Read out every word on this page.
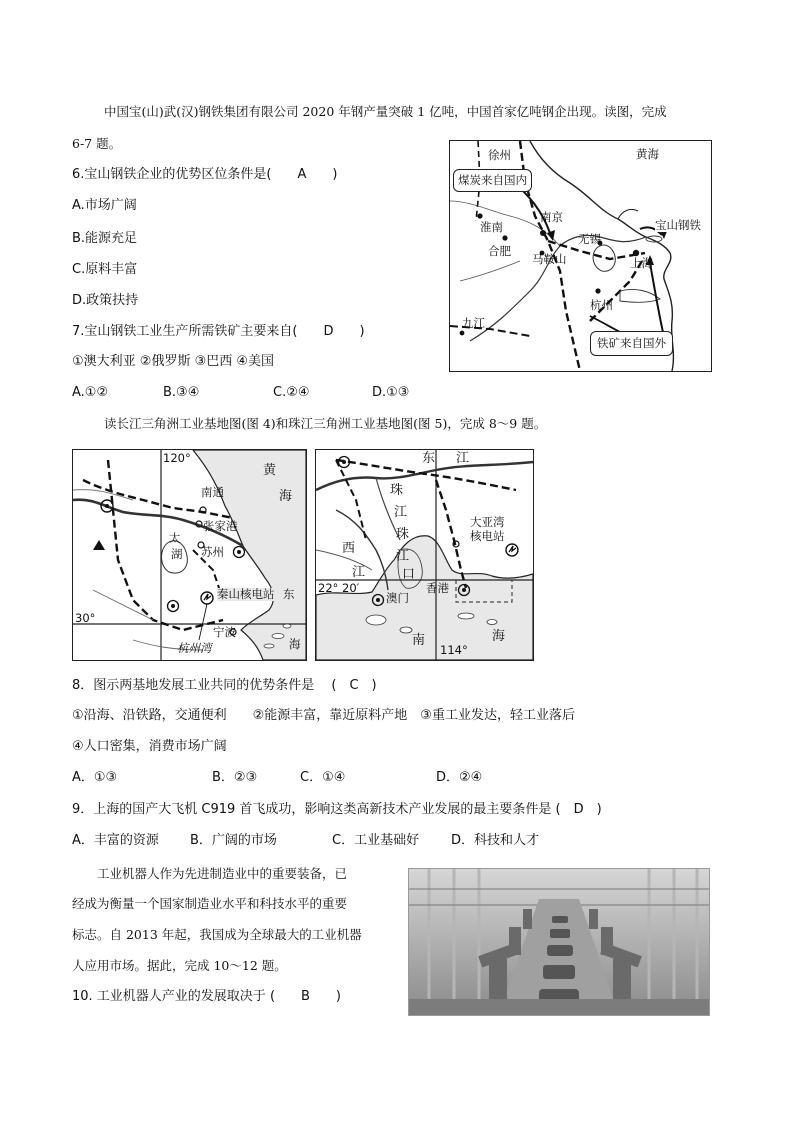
中国宝(山)武(汉)钢铁集团有限公司 2020 年钢产量突破 1 亿吨，中国首家亿吨钢企出现。读图，完成
6-7 题。
6.宝山钢铁企业的优势区位条件是(　　A　　)
A.市场广阔
B.能源充足
C.原料丰富
D.政策扶持
7.宝山钢铁工业生产所需铁矿主要来自(　　D　　)
①澳大利亚 ②俄罗斯 ③巴西 ④美国
A.①②	B.③④	C.②④	D.①③
徐州	黄海
煤炭来自国内
淮南
南京
宝山钢铁
无锡
合肥
马鞍山	上海
杭州
九江
铁矿来自国外
读长江三角洲工业基地图(图 4)和珠江三角洲工业基地图(图 5)，完成 8～9 题。
120°
黄
海
南通
张家港
太
湖 苏州
秦山核电站 东
30°
宁波
杭州湾	海
东 江
珠
江
西
珠
江
江	口
大亚湾
核电站
22° 20′
澳门
香港
南	海
114°
8．图示两基地发展工业共同的优势条件是 　(　C　)
①沿海、沿铁路，交通便利　　②能源丰富，靠近原料产地　③重工业发达，轻工业落后
④人口密集，消费市场广阔
A．①③	B．②③	C．①④	D．②④
9．上海的国产大飞机 C919 首飞成功，影响这类高新技术产业发展的最主要条件是 (　D　)
A．丰富的资源 B．广阔的市场	C．工业基础好 D．科技和人才
　　工业机器人作为先进制造业中的重要装备，已
经成为衡量一个国家制造业水平和科技水平的重要
标志。自 2013 年起，我国成为全球最大的工业机器
人应用市场。据此，完成 10～12 题。
10. 工业机器人产业的发展取决于 (　　B　　)
